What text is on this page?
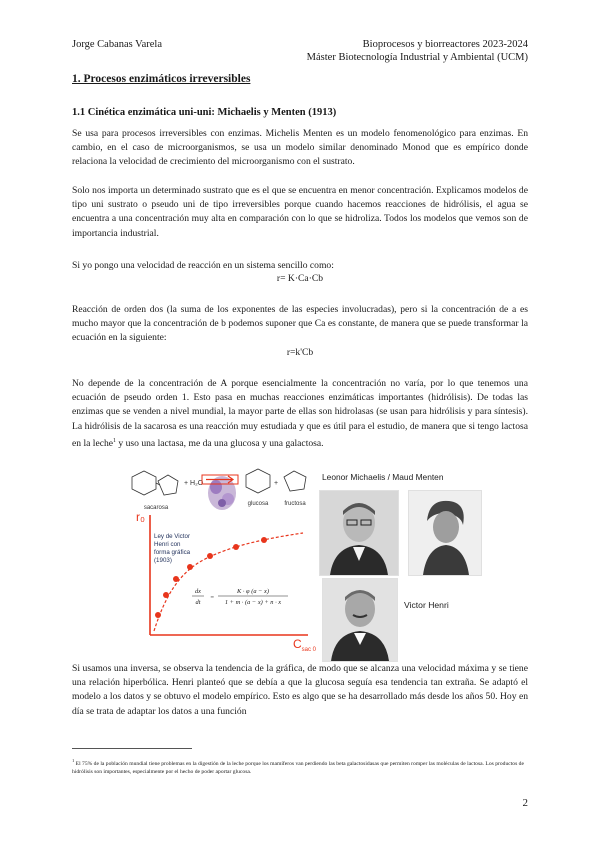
Jorge Cabanas Varela	Bioprocesos y biorreactores 2023-2024
Máster Biotecnología Industrial y Ambiental (UCM)
1. Procesos enzimáticos irreversibles
1.1 Cinética enzimática uni-uni: Michaelis y Menten (1913)
Se usa para procesos irreversibles con enzimas. Michelis Menten es un modelo fenomenológico para enzimas. En cambio, en el caso de microorganismos, se usa un modelo similar denominado Monod que es empírico donde relaciona la velocidad de crecimiento del microorganismo con el sustrato.
Solo nos importa un determinado sustrato que es el que se encuentra en menor concentración. Explicamos modelos de tipo uni sustrato o pseudo uni de tipo irreversibles porque cuando hacemos reacciones de hidrólisis, el agua se encuentra a una concentración muy alta en comparación con lo que se hidroliza. Todos los modelos que vemos son de importancia industrial.
Si yo pongo una velocidad de reacción en un sistema sencillo como:
r= K·Ca·Cb
Reacción de orden dos (la suma de los exponentes de las especies involucradas), pero si la concentración de a es mucho mayor que la concentración de b podemos suponer que Ca es constante, de manera que se puede transformar la ecuación en la siguiente:
r=k'Cb
No depende de la concentración de A porque esencialmente la concentración no varía, por lo que tenemos una ecuación de pseudo orden 1. Esto pasa en muchas reacciones enzimáticas importantes (hidrólisis). De todas las enzimas que se venden a nivel mundial, la mayor parte de ellas son hidrolasas (se usan para hidrólisis y para síntesis). La hidrólisis de la sacarosa es una reacción muy estudiada y que es útil para el estudio, de manera que si tengo lactosa en la leche$^1$ y uso una lactasa, me da una glucosa y una galactosa.
sacarosa
+ H₂O
glucosa
+
fructosa
r₀
$C_{sac 0}$
Ley de Victor
Henri con
forma gráfica
(1903)
dx
dt
=
K · φ (a − x)
1 + m · (a − x) + n · x
Leonor Michaelis / Maud Menten
Victor Henri
Si usamos una inversa, se observa la tendencia de la gráfica, de modo que se alcanza una velocidad máxima y se tiene una relación hiperbólica. Henri planteó que se debía a que la glucosa seguía esa tendencia tan extraña. Se adaptó el modelo a los datos y se obtuvo el modelo empírico. Esto es algo que se ha desarrollado más desde los años 50. Hoy en día se trata de adaptar los datos a una función
$^1$ El 75% de la población mundial tiene problemas en la digestión de la leche porque los mamíferos van perdiendo las beta galactosidasas que permiten romper las moléculas de lactosa. Los productos de hidrólisis son importantes, especialmente por el hecho de poder aportar glucosa.
2
